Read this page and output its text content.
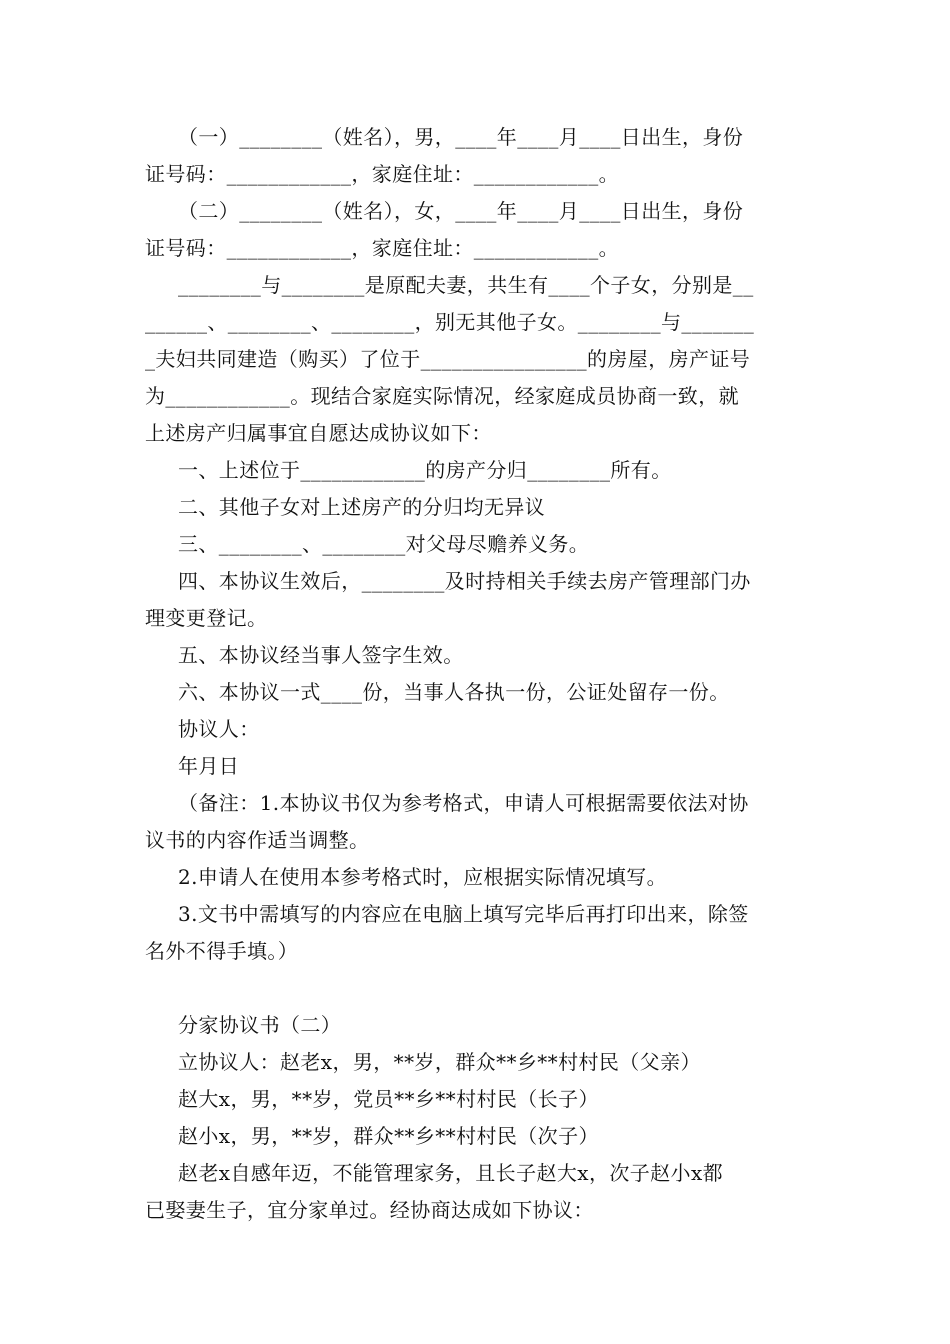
（一）________（姓名），男，____年____月____日出生，身份
证号码：____________，家庭住址：____________。
（二）________（姓名），女，____年____月____日出生，身份
证号码：____________，家庭住址：____________。
________与________是原配夫妻，共生有____个子女，分别是__
______、________、________，别无其他子女。________与_______
_夫妇共同建造（购买）了位于________________的房屋，房产证号
为____________。现结合家庭实际情况，经家庭成员协商一致，就
上述房产归属事宜自愿达成协议如下：
一、上述位于____________的房产分归________所有。
二、其他子女对上述房产的分归均无异议
三、________、________对父母尽赡养义务。
四、本协议生效后，________及时持相关手续去房产管理部门办
理变更登记。
五、本协议经当事人签字生效。
六、本协议一式____份，当事人各执一份，公证处留存一份。
协议人：
年月日
（备注：1.本协议书仅为参考格式，申请人可根据需要依法对协
议书的内容作适当调整。
2.申请人在使用本参考格式时，应根据实际情况填写。
3.文书中需填写的内容应在电脑上填写完毕后再打印出来，除签
名外不得手填。）
分家协议书（二）
立协议人：赵老x，男，**岁，群众**乡**村村民（父亲）
赵大x，男，**岁，党员**乡**村村民（长子）
赵小x，男，**岁，群众**乡**村村民（次子）
赵老x自感年迈，不能管理家务，且长子赵大x，次子赵小x都
已娶妻生子，宜分家单过。经协商达成如下协议：
